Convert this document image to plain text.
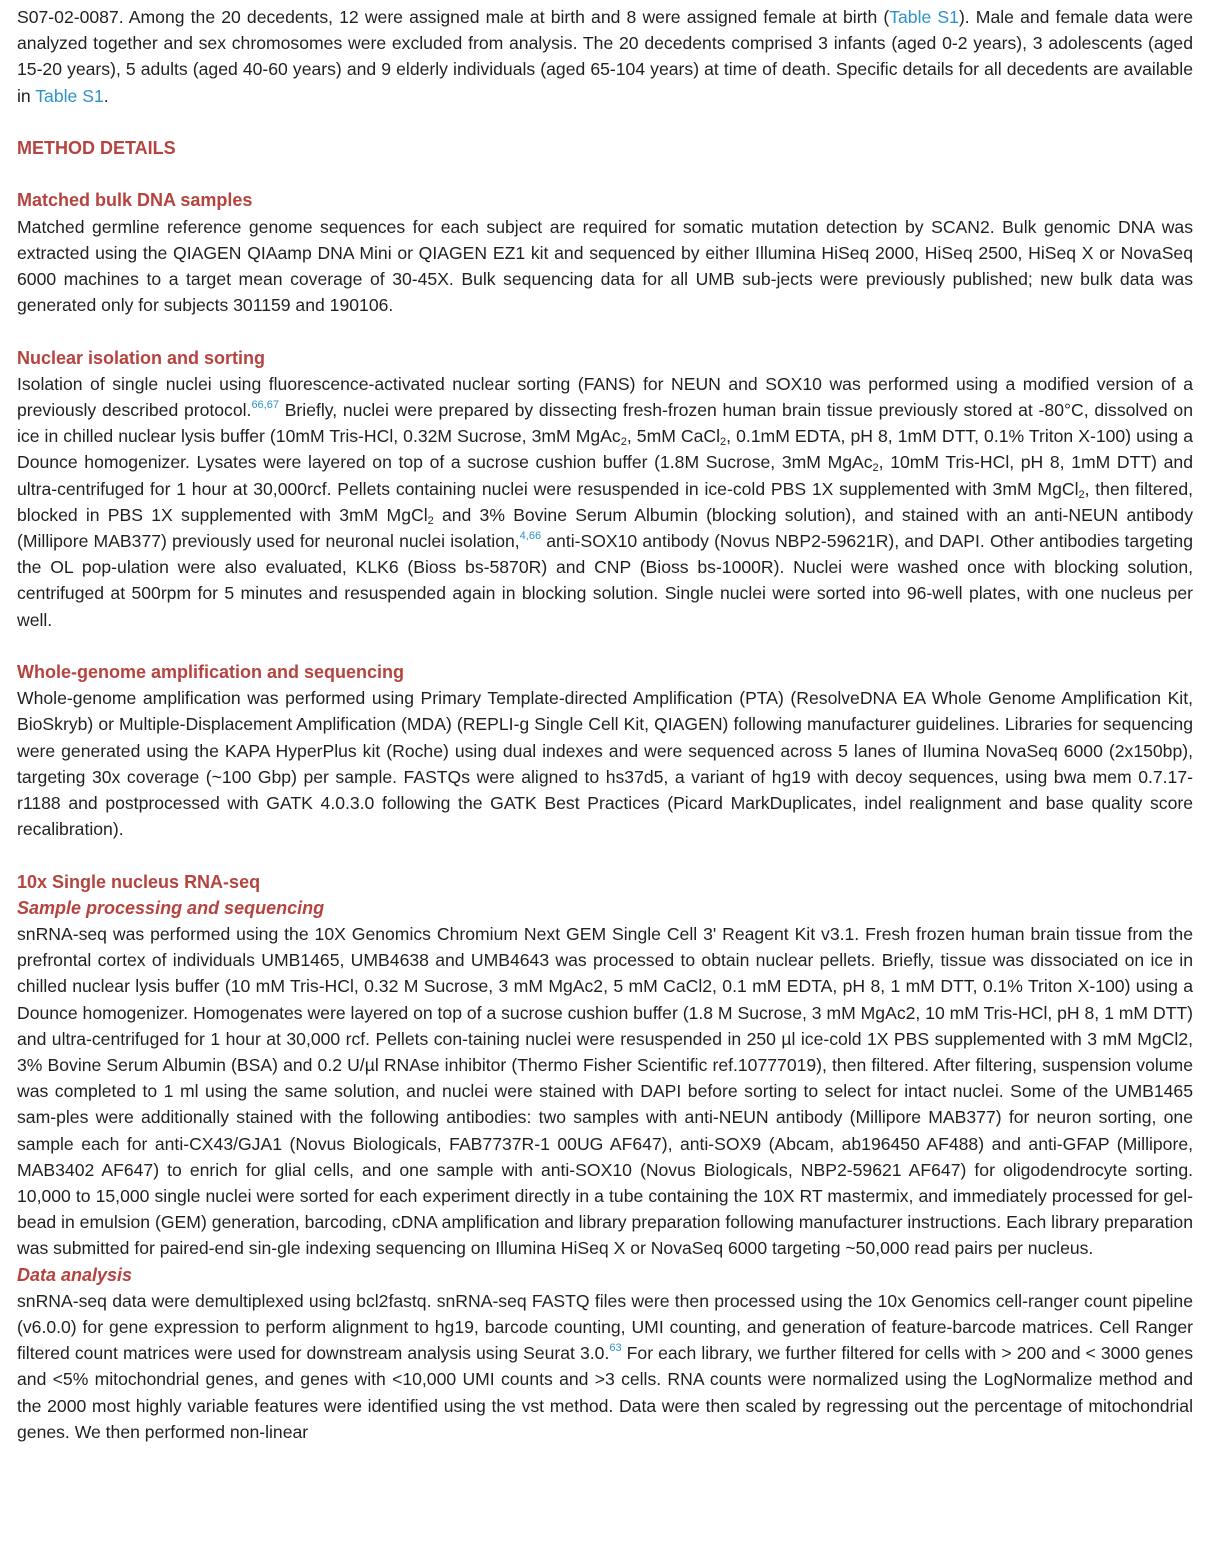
S07-02-0087. Among the 20 decedents, 12 were assigned male at birth and 8 were assigned female at birth (Table S1). Male and female data were analyzed together and sex chromosomes were excluded from analysis. The 20 decedents comprised 3 infants (aged 0-2 years), 3 adolescents (aged 15-20 years), 5 adults (aged 40-60 years) and 9 elderly individuals (aged 65-104 years) at time of death. Specific details for all decedents are available in Table S1.

METHOD DETAILS
Matched bulk DNA samples

Matched germline reference genome sequences for each subject are required for somatic mutation detection by SCAN2. Bulk genomic DNA was extracted using the QIAGEN QIAamp DNA Mini or QIAGEN EZ1 kit and sequenced by either Illumina HiSeq 2000, HiSeq 2500, HiSeq X or NovaSeq 6000 machines to a target mean coverage of 30-45X. Bulk sequencing data for all UMB sub-jects were previously published; new bulk data was generated only for subjects 301159 and 190106.

Nuclear isolation and sorting

Isolation of single nuclei using fluorescence-activated nuclear sorting (FANS) for NEUN and SOX10 was performed using a modified version of a previously described protocol.$^{66,67}$ Briefly, nuclei were prepared by dissecting fresh-frozen human brain tissue previously stored at -80°C, dissolved on ice in chilled nuclear lysis buffer (10mM Tris-HCl, 0.32M Sucrose, 3mM MgAc$_2$, 5mM CaCl$_2$, 0.1mM EDTA, pH 8, 1mM DTT, 0.1% Triton X-100) using a Dounce homogenizer. Lysates were layered on top of a sucrose cushion buffer (1.8M Sucrose, 3mM MgAc$_2$, 10mM Tris-HCl, pH 8, 1mM DTT) and ultra-centrifuged for 1 hour at 30,000rcf. Pellets containing nuclei were resuspended in ice-cold PBS 1X supplemented with 3mM MgCl$_2$, then filtered, blocked in PBS 1X supplemented with 3mM MgCl$_2$ and 3% Bovine Serum Albumin (blocking solution), and stained with an anti-NEUN antibody (Millipore MAB377) previously used for neuronal nuclei isolation,$^{4,66}$ anti-SOX10 antibody (Novus NBP2-59621R), and DAPI. Other antibodies targeting the OL pop-ulation were also evaluated, KLK6 (Bioss bs-5870R) and CNP (Bioss bs-1000R). Nuclei were washed once with blocking solution, centrifuged at 500rpm for 5 minutes and resuspended again in blocking solution. Single nuclei were sorted into 96-well plates, with one nucleus per well.

Whole-genome amplification and sequencing

Whole-genome amplification was performed using Primary Template-directed Amplification (PTA) (ResolveDNA EA Whole Genome Amplification Kit, BioSkryb) or Multiple-Displacement Amplification (MDA) (REPLI-g Single Cell Kit, QIAGEN) following manufacturer guidelines. Libraries for sequencing were generated using the KAPA HyperPlus kit (Roche) using dual indexes and were sequenced across 5 lanes of Ilumina NovaSeq 6000 (2x150bp), targeting 30x coverage (~100 Gbp) per sample. FASTQs were aligned to hs37d5, a variant of hg19 with decoy sequences, using bwa mem 0.7.17-r1188 and postprocessed with GATK 4.0.3.0 following the GATK Best Practices (Picard MarkDuplicates, indel realignment and base quality score recalibration).

10x Single nucleus RNA-seq
Sample processing and sequencing

snRNA-seq was performed using the 10X Genomics Chromium Next GEM Single Cell 3' Reagent Kit v3.1. Fresh frozen human brain tissue from the prefrontal cortex of individuals UMB1465, UMB4638 and UMB4643 was processed to obtain nuclear pellets. Briefly, tissue was dissociated on ice in chilled nuclear lysis buffer (10 mM Tris-HCl, 0.32 M Sucrose, 3 mM MgAc2, 5 mM CaCl2, 0.1 mM EDTA, pH 8, 1 mM DTT, 0.1% Triton X-100) using a Dounce homogenizer. Homogenates were layered on top of a sucrose cushion buffer (1.8 M Sucrose, 3 mM MgAc2, 10 mM Tris-HCl, pH 8, 1 mM DTT) and ultra-centrifuged for 1 hour at 30,000 rcf. Pellets con-taining nuclei were resuspended in 250 µl ice-cold 1X PBS supplemented with 3 mM MgCl2, 3% Bovine Serum Albumin (BSA) and 0.2 U/µl RNAse inhibitor (Thermo Fisher Scientific ref.10777019), then filtered. After filtering, suspension volume was completed to 1 ml using the same solution, and nuclei were stained with DAPI before sorting to select for intact nuclei. Some of the UMB1465 sam-ples were additionally stained with the following antibodies: two samples with anti-NEUN antibody (Millipore MAB377) for neuron sorting, one sample each for anti-CX43/GJA1 (Novus Biologicals, FAB7737R-1 00UG AF647), anti-SOX9 (Abcam, ab196450 AF488) and anti-GFAP (Millipore, MAB3402 AF647) to enrich for glial cells, and one sample with anti-SOX10 (Novus Biologicals, NBP2-59621 AF647) for oligodendrocyte sorting. 10,000 to 15,000 single nuclei were sorted for each experiment directly in a tube containing the 10X RT mastermix, and immediately processed for gel-bead in emulsion (GEM) generation, barcoding, cDNA amplification and library preparation following manufacturer instructions. Each library preparation was submitted for paired-end sin-gle indexing sequencing on Illumina HiSeq X or NovaSeq 6000 targeting ~50,000 read pairs per nucleus.

Data analysis

snRNA-seq data were demultiplexed using bcl2fastq. snRNA-seq FASTQ files were then processed using the 10x Genomics cell-ranger count pipeline (v6.0.0) for gene expression to perform alignment to hg19, barcode counting, UMI counting, and generation of feature-barcode matrices. Cell Ranger filtered count matrices were used for downstream analysis using Seurat 3.0.63 For each library, we further filtered for cells with > 200 and < 3000 genes and <5% mitochondrial genes, and genes with <10,000 UMI counts and >3 cells. RNA counts were normalized using the LogNormalize method and the 2000 most highly variable features were identified using the vst method. Data were then scaled by regressing out the percentage of mitochondrial genes. We then performed non-linear
